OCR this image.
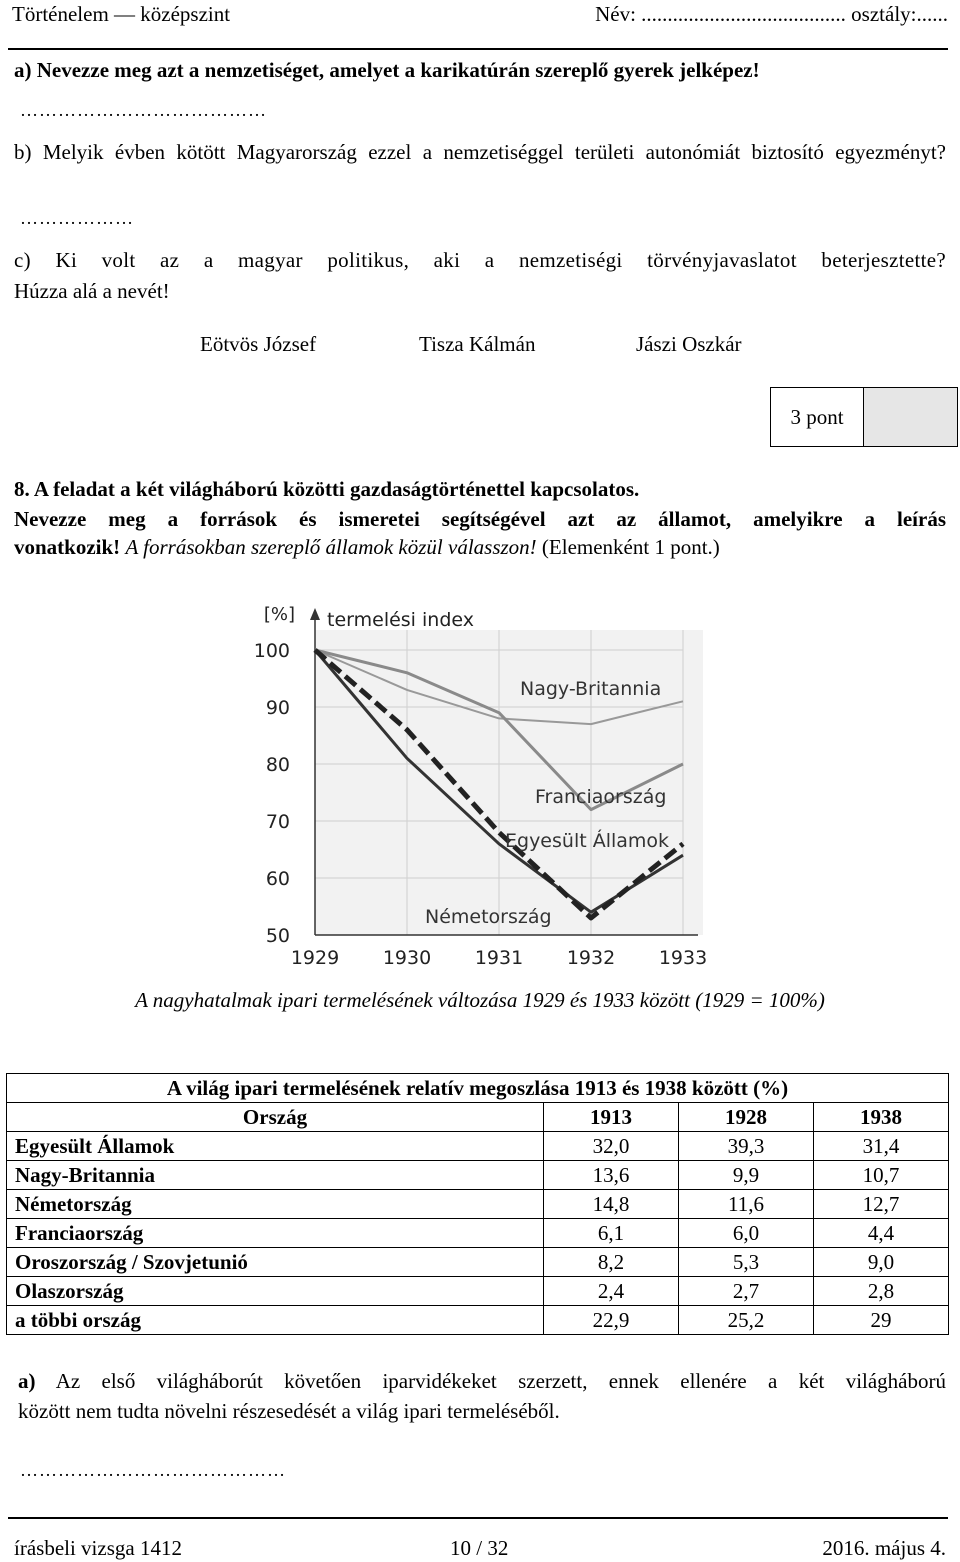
Történelem — középszint	Név: ....................................... osztály:......
a) Nevezze meg azt a nemzetiséget, amelyet a karikatúrán szereplő gyerek jelképez!
…………………………………
b) Melyik évben kötött Magyarország ezzel a nemzetiséggel területi autonómiát biztosító egyezményt?
………………
c) Ki volt az a magyar politikus, aki a nemzetiségi törvényjavaslatot beterjesztette?
Húzza alá a nevét!
Eötvös József	Tisza Kálmán	Jászi Oszkár
3 pont
8. A feladat a két világháború közötti gazdaságtörténettel kapcsolatos.
Nevezze meg a források és ismeretei segítségével azt az államot, amelyikre a leírás
vonatkozik! A forrásokban szereplő államok közül válasszon! (Elemenként 1 pont.)
100
90
80
70
60
50
1929 1930 1931 1932 1933
[%] termelési index
Nagy-Britannia
Franciaország
Egyesült Államok
Németország
A nagyhatalmak ipari termelésének változása 1929 és 1933 között (1929 = 100%)
A világ ipari termelésének relatív megoszlása 1913 és 1938 között (%)			
Ország	1913	1928	1938
Egyesült Államok	32,0	39,3	31,4
Nagy-Britannia	13,6	9,9	10,7
Németország	14,8	11,6	12,7
Franciaország	6,1	6,0	4,4
Oroszország / Szovjetunió	8,2	5,3	9,0
Olaszország	2,4	2,7	2,8
a többi ország	22,9	25,2	29
a) Az első világháborút követően iparvidékeket szerzett, ennek ellenére a két világháború
között nem tudta növelni részesedését a világ ipari termeléséből.
……………………………………
írásbeli vizsga 1412	10 / 32	2016. május 4.
